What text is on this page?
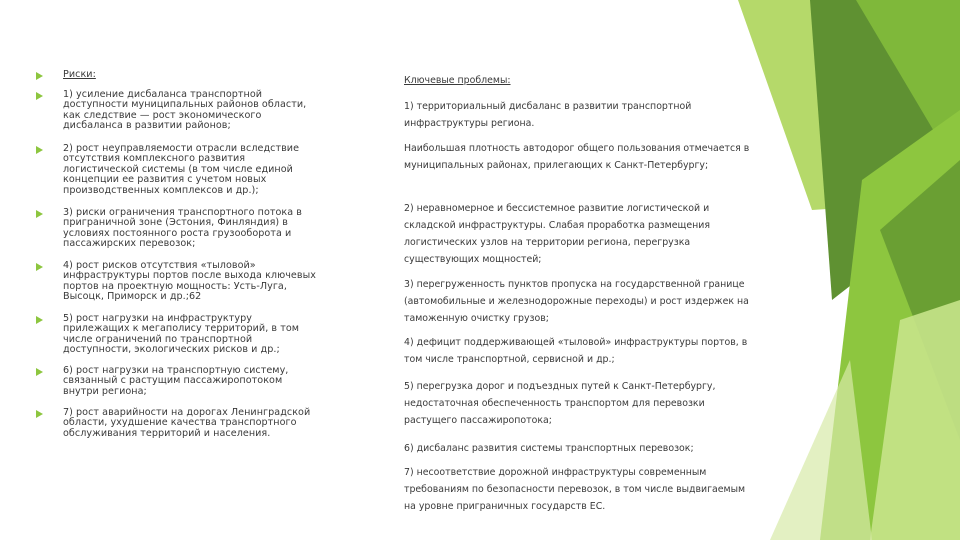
Риски:
1) усиление дисбаланса транспортной доступности муниципальных районов области, как следствие — рост экономического дисбаланса в развитии районов;
2) рост неуправляемости отрасли вследствие отсутствия комплексного развития логистической системы (в том числе единой концепции ее развития с учетом новых производственных комплексов и др.);
3) риски ограничения транспортного потока в приграничной зоне (Эстония, Финляндия) в условиях постоянного роста грузооборота и пассажирских перевозок;
4) рост рисков отсутствия «тыловой» инфраструктуры портов после выхода ключевых портов на проектную мощность: Усть-Луга, Высоцк, Приморск и др.;62
5) рост нагрузки на инфраструктуру прилежащих к мегаполису территорий, в том числе ограничений по транспортной доступности, экологических рисков и др.;
6) рост нагрузки на транспортную систему, связанный с растущим пассажиропотоком внутри региона;
7) рост аварийности на дорогах Ленинградской области, ухудшение качества транспортного обслуживания территорий и населения.
Ключевые проблемы:
1) территориальный дисбаланс в развитии транспортной инфраструктуры региона.
Наибольшая плотность автодорог общего пользования отмечается в муниципальных районах, прилегающих к Санкт-Петербургу;
2) неравномерное и бессистемное развитие логистической и складской инфраструктуры. Слабая проработка размещения логистических узлов на территории региона, перегрузка существующих мощностей;
3) перегруженность пунктов пропуска на государственной границе (автомобильные и железнодорожные переходы) и рост издержек на таможенную очистку грузов;
4) дефицит поддерживающей «тыловой» инфраструктуры портов, в том числе транспортной, сервисной и др.;
5) перегрузка дорог и подъездных путей к Санкт-Петербургу, недостаточная обеспеченность транспортом для перевозки растущего пассажиропотока;
6) дисбаланс развития системы транспортных перевозок;
7) несоответствие дорожной инфраструктуры современным требованиям по безопасности перевозок, в том числе выдвигаемым на уровне приграничных государств ЕС.
